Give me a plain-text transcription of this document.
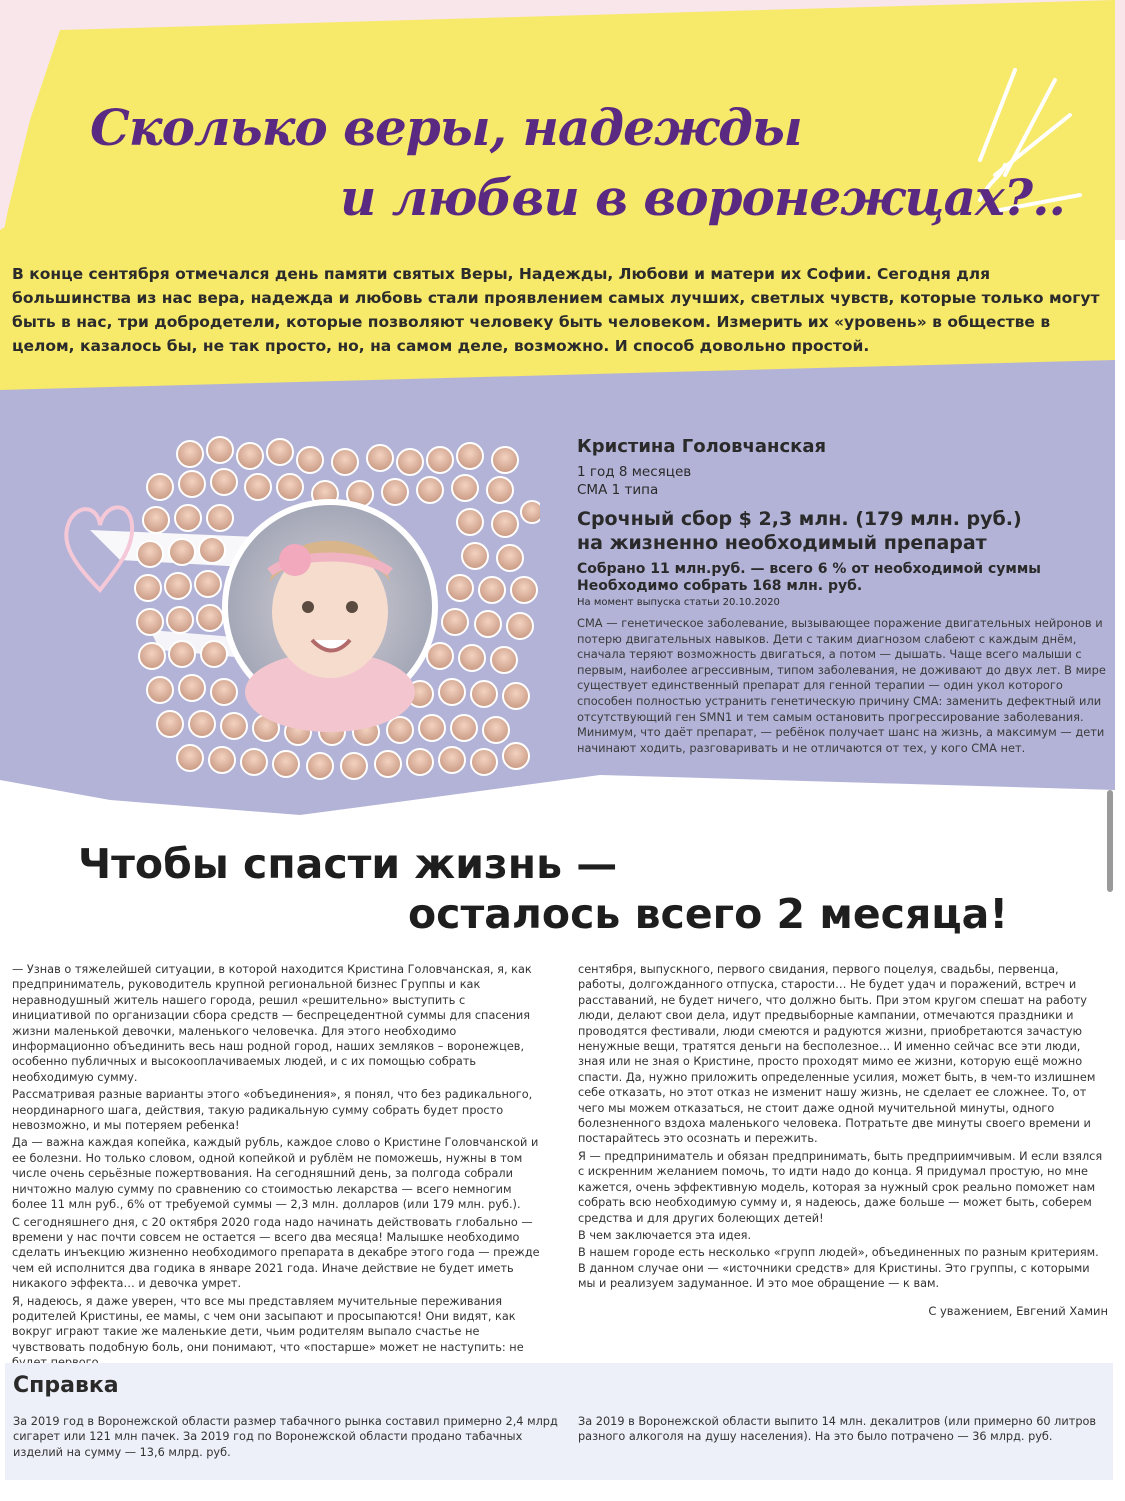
Сколько веры, надежды
и любви в воронежцах?..
В конце сентября отмечался день памяти святых Веры, Надежды, Любови и матери их Софии. Сегодня для большинства из нас вера, надежда и любовь стали проявлением самых лучших, светлых чувств, которые только могут быть в нас, три добродетели, которые позволяют человеку быть человеком. Измерить их «уровень» в обществе в целом, казалось бы, не так просто, но, на самом деле, возможно. И способ довольно простой.
Кристина Головчанская
1 год 8 месяцев
СМА 1 типа
Срочный сбор $ 2,3 млн. (179 млн. руб.)
на жизненно необходимый препарат
Собрано 11 млн.руб. — всего 6 % от необходимой суммы
Необходимо собрать 168 млн. руб.
На момент выпуска статьи 20.10.2020
СМА — генетическое заболевание, вызывающее поражение двигательных нейронов и потерю двигательных навыков. Дети с таким диагнозом слабеют с каждым днём, сначала теряют возможность двигаться, а потом — дышать. Чаще всего малыши с первым, наиболее агрессивным, типом заболевания, не доживают до двух лет. В мире существует единственный препарат для генной терапии — один укол которого способен полностью устранить генетическую причину СМА: заменить дефектный или отсутствующий ген SMN1 и тем самым остановить прогрессирование заболевания. Минимум, что даёт препарат, — ребёнок получает шанс на жизнь, а максимум — дети начинают ходить, разговаривать и не отличаются от тех, у кого СМА нет.
Чтобы спасти жизнь —
осталось всего 2 месяца!

— Узнав о тяжелейшей ситуации, в которой находится Кристина Головчанская, я, как предприниматель, руководитель крупной региональной бизнес Группы и как неравнодушный житель нашего города, решил «решительно» выступить с инициативой по организации сбора средств — беспрецедентной суммы для спасения жизни маленькой девочки, маленького человечка. Для этого необходимо информационно объединить весь наш родной город, наших земляков – воронежцев, особенно публичных и высокооплачиваемых людей, и с их помощью собрать необходимую сумму.

Рассматривая разные варианты этого «объединения», я понял, что без радикального, неординарного шага, действия, такую радикальную сумму собрать будет просто невозможно, и мы потеряем ребенка!

Да — важна каждая копейка, каждый рубль, каждое слово о Кристине Головчанской и ее болезни. Но только словом, одной копейкой и рублём не поможешь, нужны в том числе очень серьёзные пожертвования. На сегодняшний день, за полгода собрали ничтожно малую сумму по сравнению со стоимостью лекарства — всего немногим более 11 млн руб., 6% от требуемой суммы — 2,3 млн. долларов (или 179 млн. руб.).

С сегодняшнего дня, с 20 октября 2020 года надо начинать действовать глобально — времени у нас почти совсем не остается — всего два месяца! Малышке необходимо сделать инъекцию жизненно необходимого препарата в декабре этого года — прежде чем ей исполнится два годика в январе 2021 года. Иначе действие не будет иметь никакого эффекта… и девочка умрет.

Я, надеюсь, я даже уверен, что все мы представляем мучительные переживания родителей Кристины, ее мамы, с чем они засыпают и просыпаются! Они видят, как вокруг играют такие же маленькие дети, чьим родителям выпало счастье не чувствовать подобную боль, они понимают, что «постарше» может не наступить: не

сентября, выпускного, первого свидания, первого поцелуя, свадьбы, первенца, работы, долгожданного отпуска, старости… Не будет удач и поражений, встреч и расставаний, не будет ничего, что должно быть. При этом кругом спешат на работу люди, делают свои дела, идут предвыборные кампании, отмечаются праздники и проводятся фестивали, люди смеются и радуются жизни, приобретаются зачастую ненужные вещи, тратятся деньги на бесполезное… И именно сейчас все эти люди, зная или не зная о Кристине, просто проходят мимо ее жизни, которую ещё можно спасти. Да, нужно приложить определенные усилия, может быть, в чем-то излишнем себе отказать, но этот отказ не изменит нашу жизнь, не сделает ее сложнее. То, от чего мы можем отказаться, не стоит даже одной мучительной минуты, одного болезненного вздоха маленького человека. Потратьте две минуты своего времени и постарайтесь это осознать и пережить.

Я — предприниматель и обязан предпринимать, быть предприимчивым. И если взялся с искренним желанием помочь, то идти надо до конца. Я придумал простую, но мне кажется, очень эффективную модель, которая за нужный срок реально поможет нам собрать всю необходимую сумму и, я надеюсь, даже больше — может быть, соберем средства и для других болеющих детей!

В чем заключается эта идея.

В нашем городе есть несколько «групп людей», объединенных по разным критериям. В данном случае они — «источники средств» для Кристины. Это группы, с которыми мы и реализуем задуманное. И это мое обращение — к вам.

С уважением, Евгений Хамин
Справка
За 2019 год в Воронежской области размер табачного рынка составил примерно 2,4 млрд сигарет или 121 млн пачек. За 2019 год по Воронежской области продано табачных изделий на сумму — 13,6 млрд. руб.
За 2019 в Воронежской области выпито 14 млн. декалитров (или примерно 60 литров разного алкоголя на душу населения). На это было потрачено — 36 млрд. руб.
